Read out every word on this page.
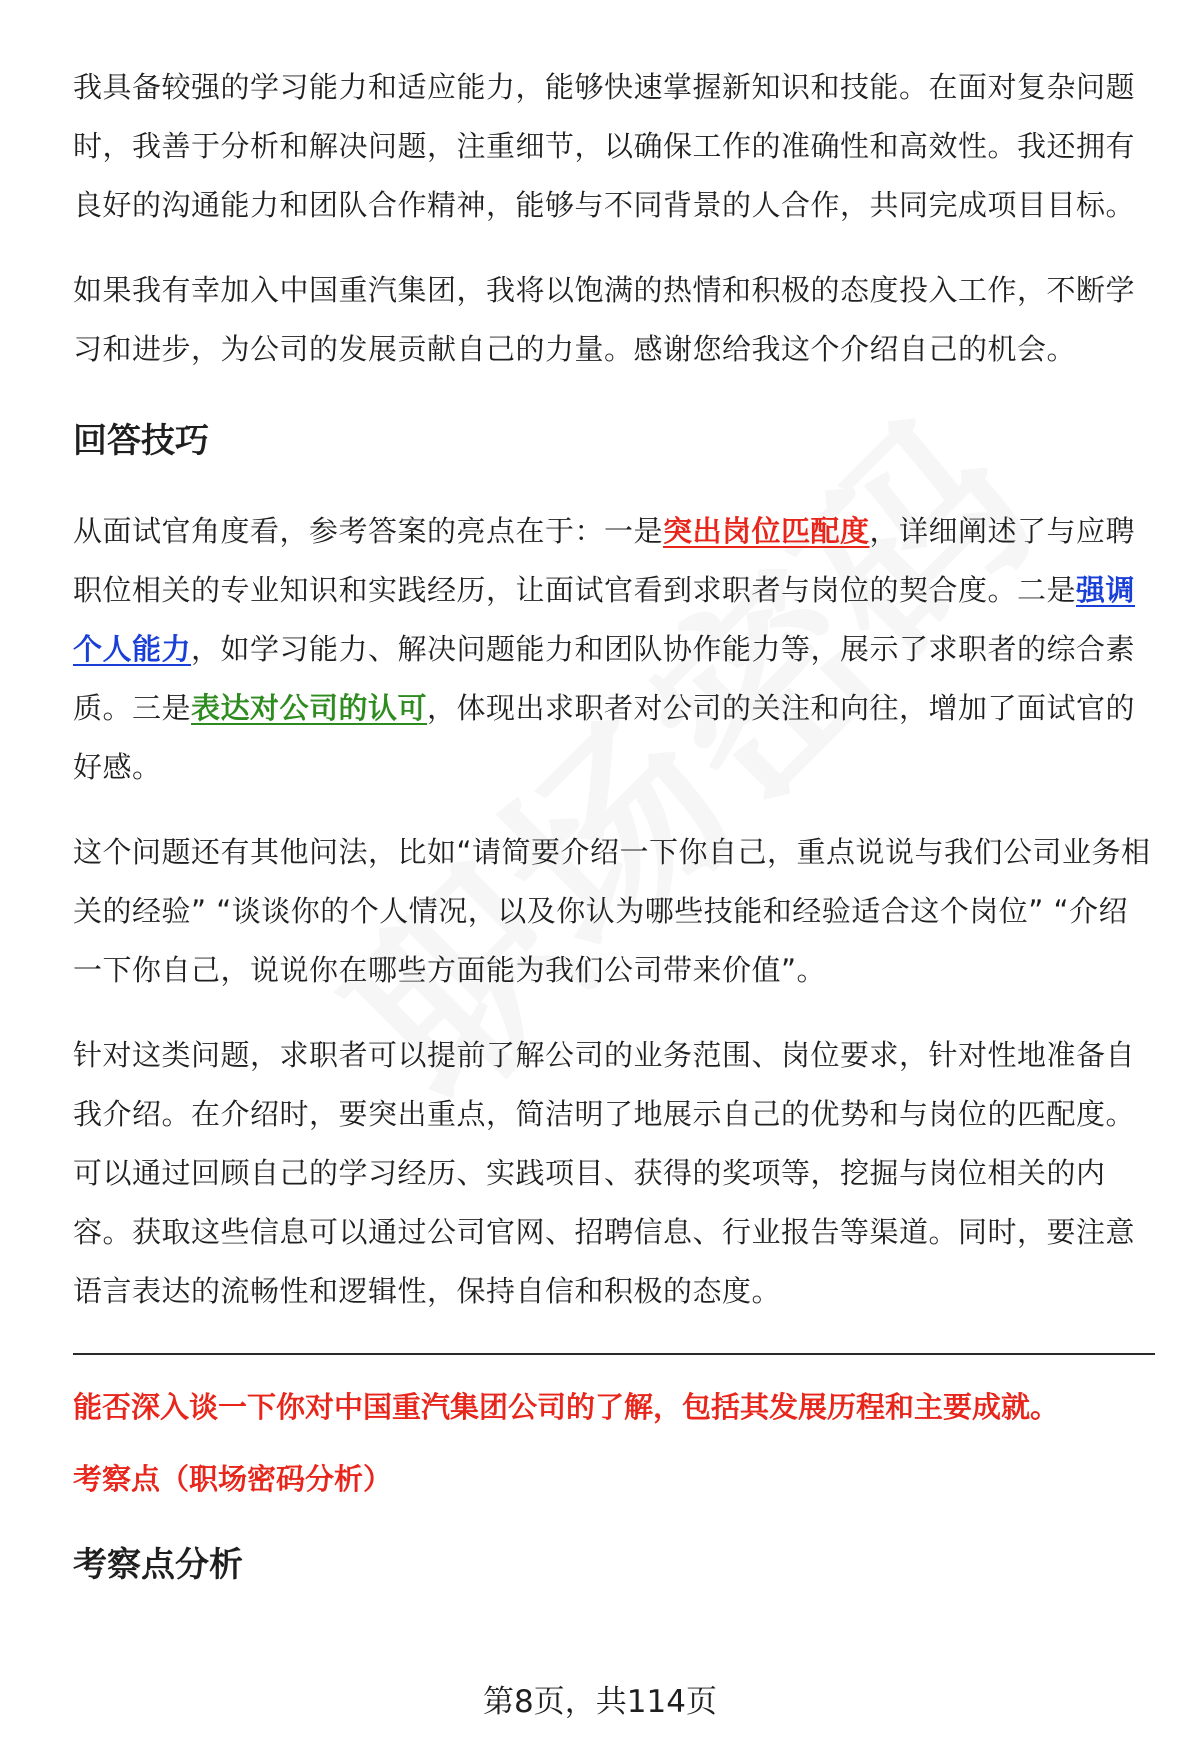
我具备较强的学习能力和适应能力，能够快速掌握新知识和技能。在面对复杂问题时，我善于分析和解决问题，注重细节，以确保工作的准确性和高效性。我还拥有良好的沟通能力和团队合作精神，能够与不同背景的人合作，共同完成项目目标。

如果我有幸加入中国重汽集团，我将以饱满的热情和积极的态度投入工作，不断学习和进步，为公司的发展贡献自己的力量。感谢您给我这个介绍自己的机会。

回答技巧

从面试官角度看，参考答案的亮点在于：一是突出岗位匹配度，详细阐述了与应聘职位相关的专业知识和实践经历，让面试官看到求职者与岗位的契合度。二是强调个人能力，如学习能力、解决问题能力和团队协作能力等，展示了求职者的综合素质。三是表达对公司的认可，体现出求职者对公司的关注和向往，增加了面试官的好感。

这个问题还有其他问法，比如“请简要介绍一下你自己，重点说说与我们公司业务相关的经验” “谈谈你的个人情况，以及你认为哪些技能和经验适合这个岗位” “介绍一下你自己，说说你在哪些方面能为我们公司带来价值”。

针对这类问题，求职者可以提前了解公司的业务范围、岗位要求，针对性地准备自我介绍。在介绍时，要突出重点，简洁明了地展示自己的优势和与岗位的匹配度。可以通过回顾自己的学习经历、实践项目、获得的奖项等，挖掘与岗位相关的内容。获取这些信息可以通过公司官网、招聘信息、行业报告等渠道。同时，要注意语言表达的流畅性和逻辑性，保持自信和积极的态度。

能否深入谈一下你对中国重汽集团公司的了解，包括其发展历程和主要成就。
考察点（职场密码分析）
考察点分析
第8页，共114页
